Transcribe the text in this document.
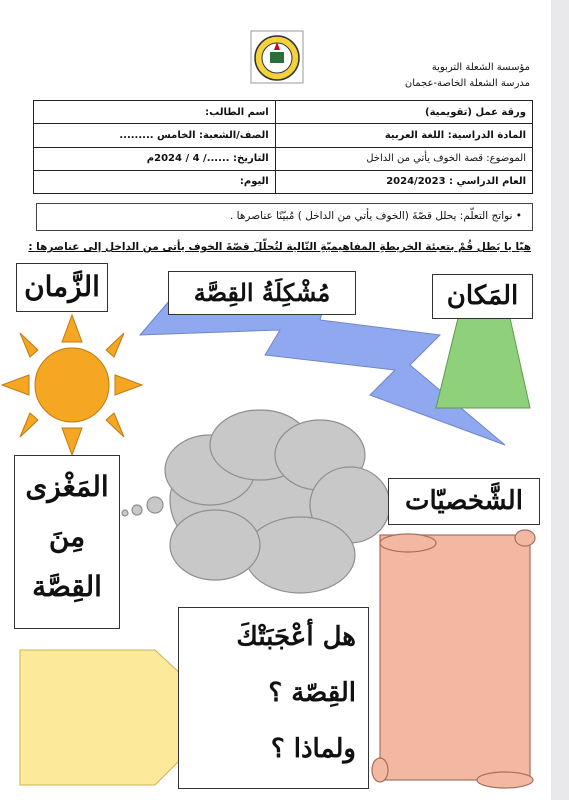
مؤسسة الشعلة التربوية
مدرسة الشعلة الخاصة-عجمان
ورقة عمل (تقويمية)	اسم الطالب:
المادة الدراسية: اللغة العربية	الصف/الشعبة: الخامس .........
الموضوع: قصة الخوف يأتي من الداخل	التاريخ: ....../ 4 / 2024م
العام الدراسي : 2024/2023	اليوم:
• نواتج التعلّم: يحلل قصّةَ (الخوف يأتي من الداخل ) مُبيّنًا عناصرها .
هيّا يا بَطل قُمْ بتعبئة الخريطةِ المفاهيميّةِ التّالية لتُحلّلَ قصّةَ الخوف يأتى من الداخل إلى عناصرها :
الزَّمان	مُشْكِلَةُ القِصَّة	المَكان
المَغْزى
مِنَ
القِصَّة
الشَّخصيّات
هل أعْجَبَتْكَ
القِصّة ؟
ولماذا ؟
